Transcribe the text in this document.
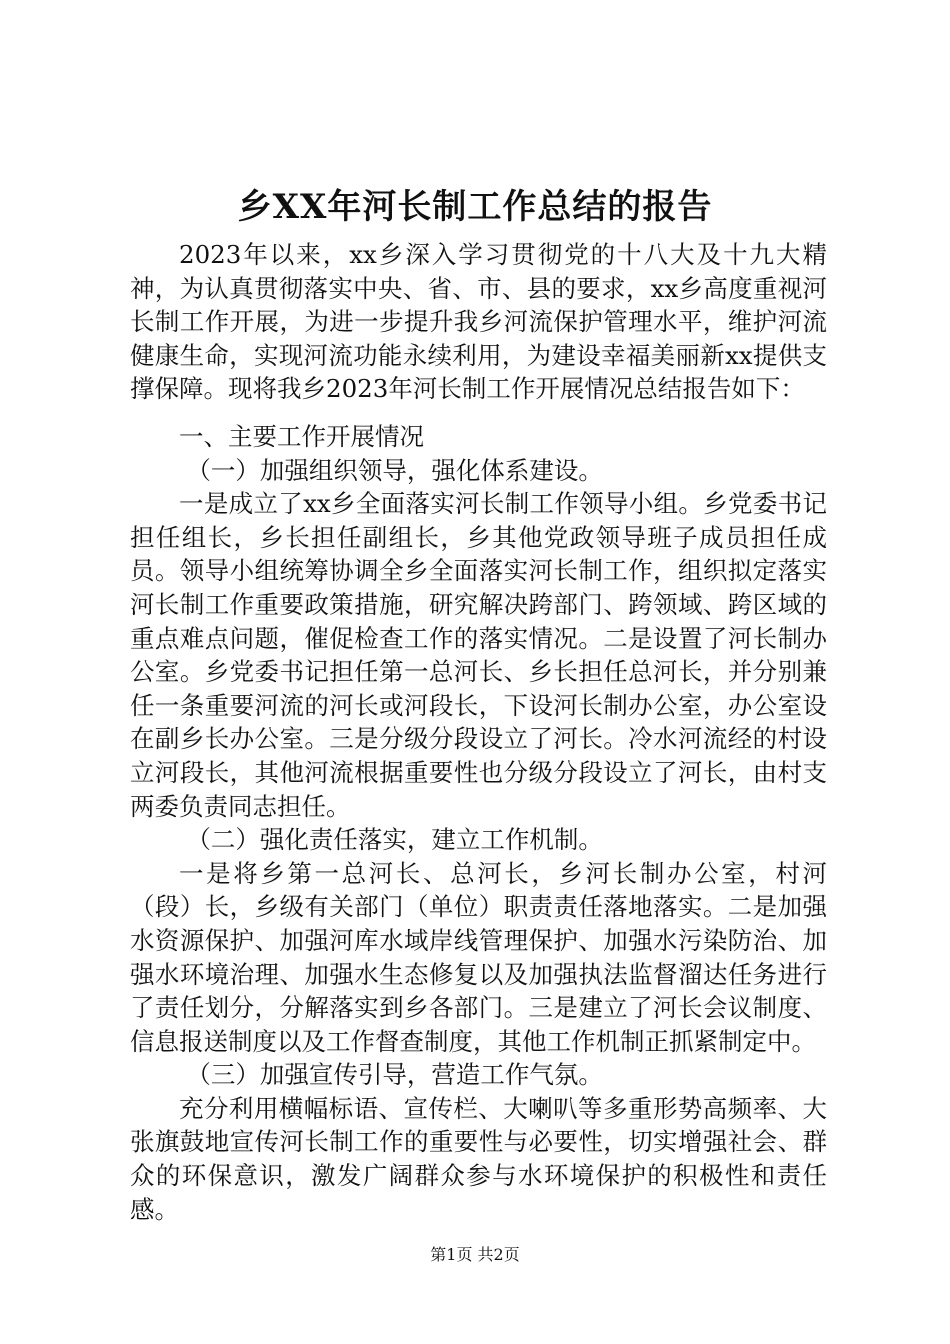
乡XX年河长制工作总结的报告

2023年以来，xx乡深入学习贯彻党的十八大及十九大精神，为认真贯彻落实中央、省、市、县的要求，xx乡高度重视河长制工作开展，为进一步提升我乡河流保护管理水平，维护河流健康生命，实现河流功能永续利用，为建设幸福美丽新xx提供支撑保障。现将我乡2023年河长制工作开展情况总结报告如下：

一、主要工作开展情况

（一）加强组织领导，强化体系建设。

一是成立了xx乡全面落实河长制工作领导小组。乡党委书记担任组长，乡长担任副组长，乡其他党政领导班子成员担任成员。领导小组统筹协调全乡全面落实河长制工作，组织拟定落实河长制工作重要政策措施，研究解决跨部门、跨领域、跨区域的重点难点问题，催促检查工作的落实情况。二是设置了河长制办公室。乡党委书记担任第一总河长、乡长担任总河长，并分别兼任一条重要河流的河长或河段长，下设河长制办公室，办公室设在副乡长办公室。三是分级分段设立了河长。冷水河流经的村设立河段长，其他河流根据重要性也分级分段设立了河长，由村支两委负责同志担任。

（二）强化责任落实，建立工作机制。

一是将乡第一总河长、总河长，乡河长制办公室，村河（段）长，乡级有关部门（单位）职责责任落地落实。二是加强水资源保护、加强河库水域岸线管理保护、加强水污染防治、加强水环境治理、加强水生态修复以及加强执法监督溜达任务进行了责任划分，分解落实到乡各部门。三是建立了河长会议制度、信息报送制度以及工作督查制度，其他工作机制正抓紧制定中。

（三）加强宣传引导，营造工作气氛。

充分利用横幅标语、宣传栏、大喇叭等多重形势高频率、大张旗鼓地宣传河长制工作的重要性与必要性，切实增强社会、群众的环保意识，激发广阔群众参与水环境保护的积极性和责任感。

第1页 共2页
